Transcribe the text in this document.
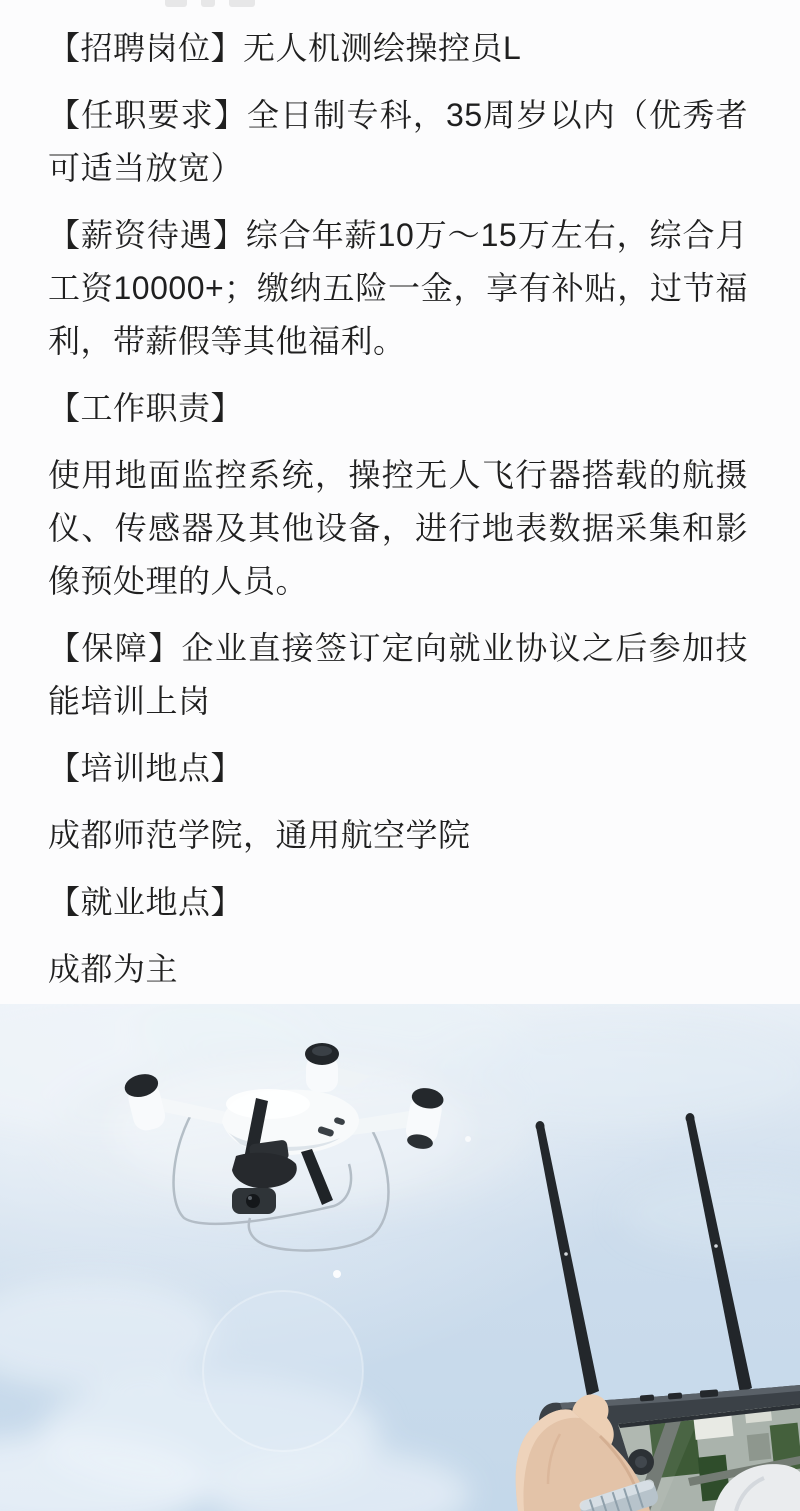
【招聘岗位】无人机测绘操控员L

【任职要求】全日制专科，35周岁以内（优秀者可适当放宽）

【薪资待遇】综合年薪10万～15万左右，综合月工资10000+；缴纳五险一金，享有补贴，过节福利，带薪假等其他福利。

【工作职责】

使用地面监控系统，操控无人飞行器搭载的航摄仪、传感器及其他设备，进行地表数据采集和影像预处理的人员。

【保障】企业直接签订定向就业协议之后参加技能培训上岗

【培训地点】

成都师范学院，通用航空学院

【就业地点】

成都为主
